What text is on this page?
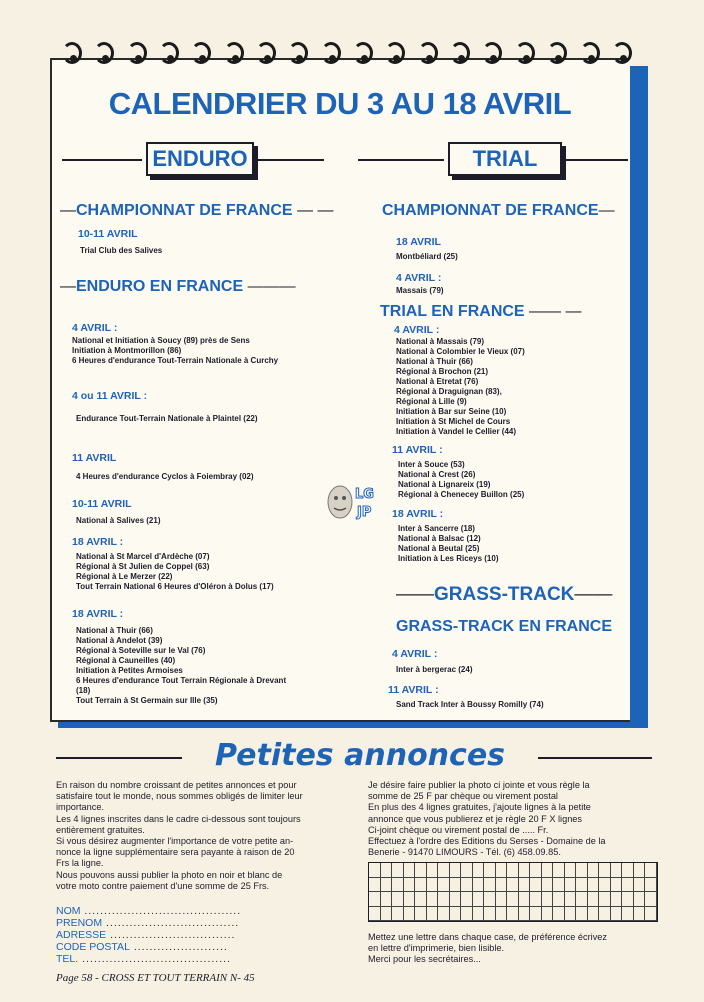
CALENDRIER DU 3 AU 18 AVRIL
ENDURO	TRIAL
—CHAMPIONNAT DE FRANCE — —
10-11 AVRIL
Trial Club des Salives
—ENDURO EN FRANCE ———
4 AVRIL :
National et Initiation à Soucy (89) près de Sens
Initiation à Montmorillon (86)
6 Heures d'endurance Tout-Terrain Nationale à Curchy
4 ou 11 AVRIL :
Endurance Tout-Terrain Nationale à Plaintel (22)
11 AVRIL
4 Heures d'endurance Cyclos à Foiembray (02)
10-11 AVRIL
National à Salives (21)
18 AVRIL :
National à St Marcel d'Ardèche (07)
Régional à St Julien de Coppel (63)
Régional à Le Merzer (22)
Tout Terrain National 6 Heures d'Oléron à Dolus (17)
18 AVRIL :
National à Thuir (66)
National à Andelot (39)
Régional à Soteville sur le Val (76)
Régional à Cauneilles (40)
Initiation à Petites Armoises
6 Heures d'endurance Tout Terrain Régionale à Drevant
(18)
Tout Terrain à St Germain sur Ille (35)
CHAMPIONNAT DE FRANCE—
18 AVRIL
Montbéliard (25)
4 AVRIL :
Massais (79)
TRIAL EN FRANCE —— —
4 AVRIL :
National à Massais (79)
National à Colombier le Vieux (07)
National à Thuir (66)
Régional à Brochon (21)
National à Etretat (76)
Régional à Draguignan (83),
Régional à Lille (9)
Initiation à Bar sur Seine (10)
Initiation à St Michel de Cours
Initiation à Vandel le Cellier (44)
11 AVRIL :
Inter à Souce (53)
National à Crest (26)
National à Lignareix (19)
Régional à Chenecey Buillon (25)
18 AVRIL :
Inter à Sancerre (18)
National à Balsac (12)
National à Beutal (25)
Initiation à Les Riceys (10)
——GRASS-TRACK——
GRASS-TRACK EN FRANCE
4 AVRIL :
Inter à bergerac (24)
11 AVRIL :
Sand Track Inter à Boussy Romilly (74)
LG
JP
Petites annonces
En raison du nombre croissant de petites annonces et pour
satisfaire tout le monde, nous sommes obligés de limiter leur
importance.
Les 4 lignes inscrites dans le cadre ci-dessous sont toujours
entièrement gratuites.
Si vous désirez augmenter l'importance de votre petite an-
nonce la ligne supplémentaire sera payante à raison de 20
Frs la ligne.
Nous pouvons aussi publier la photo en noir et blanc de
votre moto contre paiement d'une somme de 25 Frs.
Je désire faire publier la photo ci jointe et vous règle la
somme de 25 F par chèque ou virement postal
En plus des 4 lignes gratuites, j'ajoute lignes à la petite
annonce que vous publierez et je règle 20 F X lignes
Ci-joint chèque ou virement postal de ..... Fr.
Effectuez à l'ordre des Editions du Serses - Domaine de la
Benerie - 91470 LIMOURS - Tél. (6) 458.09.85.
NOM ........................................
PRENOM ..................................
ADRESSE ................................
CODE POSTAL ........................
TEL. ......................................
Mettez une lettre dans chaque case, de préférence écrivez
en lettre d'imprimerie, bien lisible.
Merci pour les secrétaires...
Page 58 - CROSS ET TOUT TERRAIN N- 45
